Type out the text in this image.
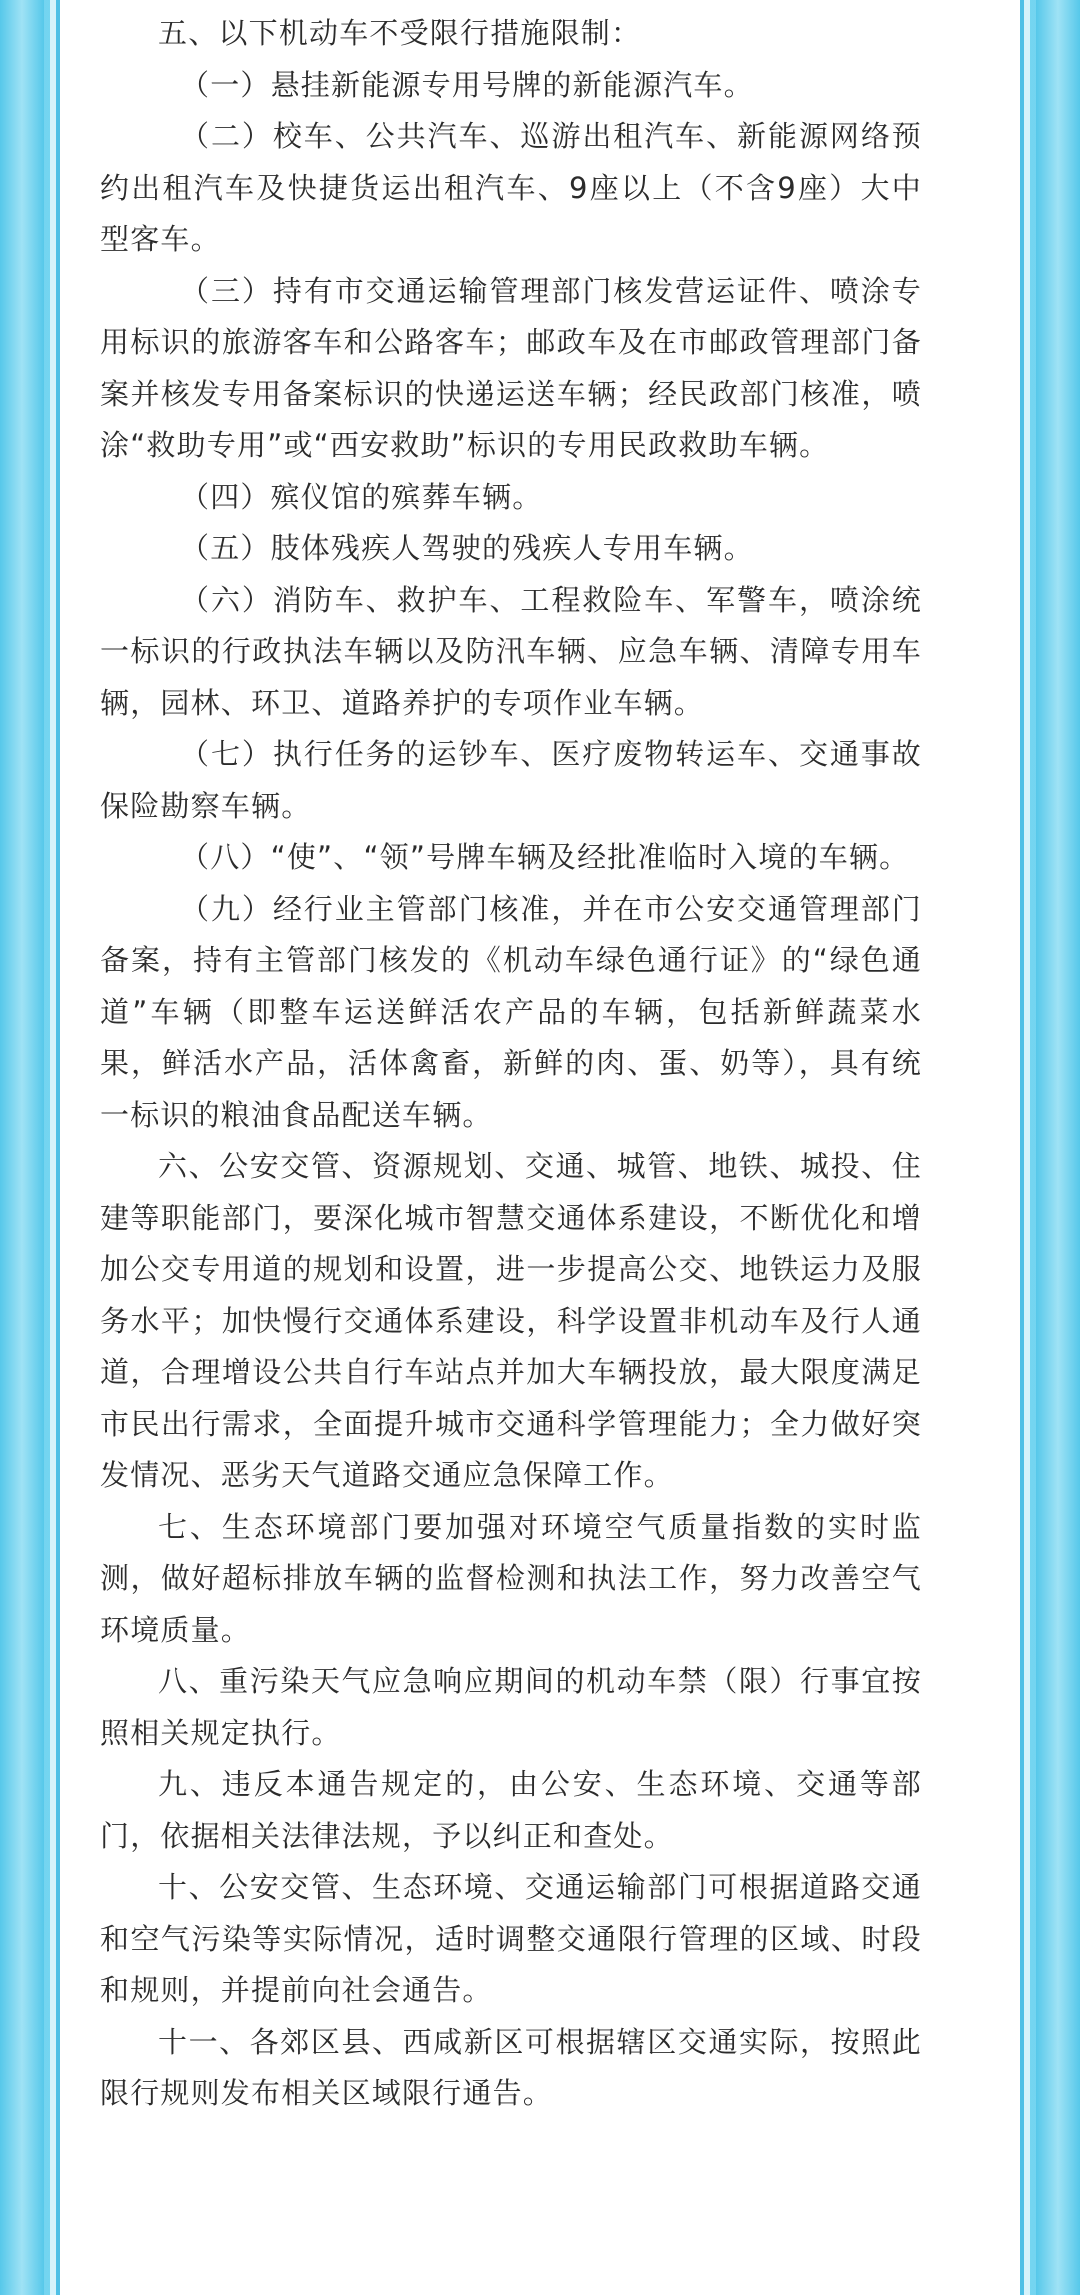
五、以下机动车不受限行措施限制：

（一）悬挂新能源专用号牌的新能源汽车。

（二）校车、公共汽车、巡游出租汽车、新能源网络预约出租汽车及快捷货运出租汽车、9座以上（不含9座）大中型客车。

（三）持有市交通运输管理部门核发营运证件、喷涂专用标识的旅游客车和公路客车；邮政车及在市邮政管理部门备案并核发专用备案标识的快递运送车辆；经民政部门核准，喷涂“救助专用”或“西安救助”标识的专用民政救助车辆。

（四）殡仪馆的殡葬车辆。

（五）肢体残疾人驾驶的残疾人专用车辆。

（六）消防车、救护车、工程救险车、军警车，喷涂统一标识的行政执法车辆以及防汛车辆、应急车辆、清障专用车辆，园林、环卫、道路养护的专项作业车辆。

（七）执行任务的运钞车、医疗废物转运车、交通事故保险勘察车辆。

（八）“使”、“领”号牌车辆及经批准临时入境的车辆。

（九）经行业主管部门核准，并在市公安交通管理部门备案，持有主管部门核发的《机动车绿色通行证》的“绿色通道”车辆（即整车运送鲜活农产品的车辆，包括新鲜蔬菜水果，鲜活水产品，活体禽畜，新鲜的肉、蛋、奶等），具有统一标识的粮油食品配送车辆。

六、公安交管、资源规划、交通、城管、地铁、城投、住建等职能部门，要深化城市智慧交通体系建设，不断优化和增加公交专用道的规划和设置，进一步提高公交、地铁运力及服务水平；加快慢行交通体系建设，科学设置非机动车及行人通道，合理增设公共自行车站点并加大车辆投放，最大限度满足市民出行需求，全面提升城市交通科学管理能力；全力做好突发情况、恶劣天气道路交通应急保障工作。

七、生态环境部门要加强对环境空气质量指数的实时监测，做好超标排放车辆的监督检测和执法工作，努力改善空气环境质量。

八、重污染天气应急响应期间的机动车禁（限）行事宜按照相关规定执行。

九、违反本通告规定的，由公安、生态环境、交通等部门，依据相关法律法规，予以纠正和查处。

十、公安交管、生态环境、交通运输部门可根据道路交通和空气污染等实际情况，适时调整交通限行管理的区域、时段和规则，并提前向社会通告。

十一、各郊区县、西咸新区可根据辖区交通实际，按照此限行规则发布相关区域限行通告。
